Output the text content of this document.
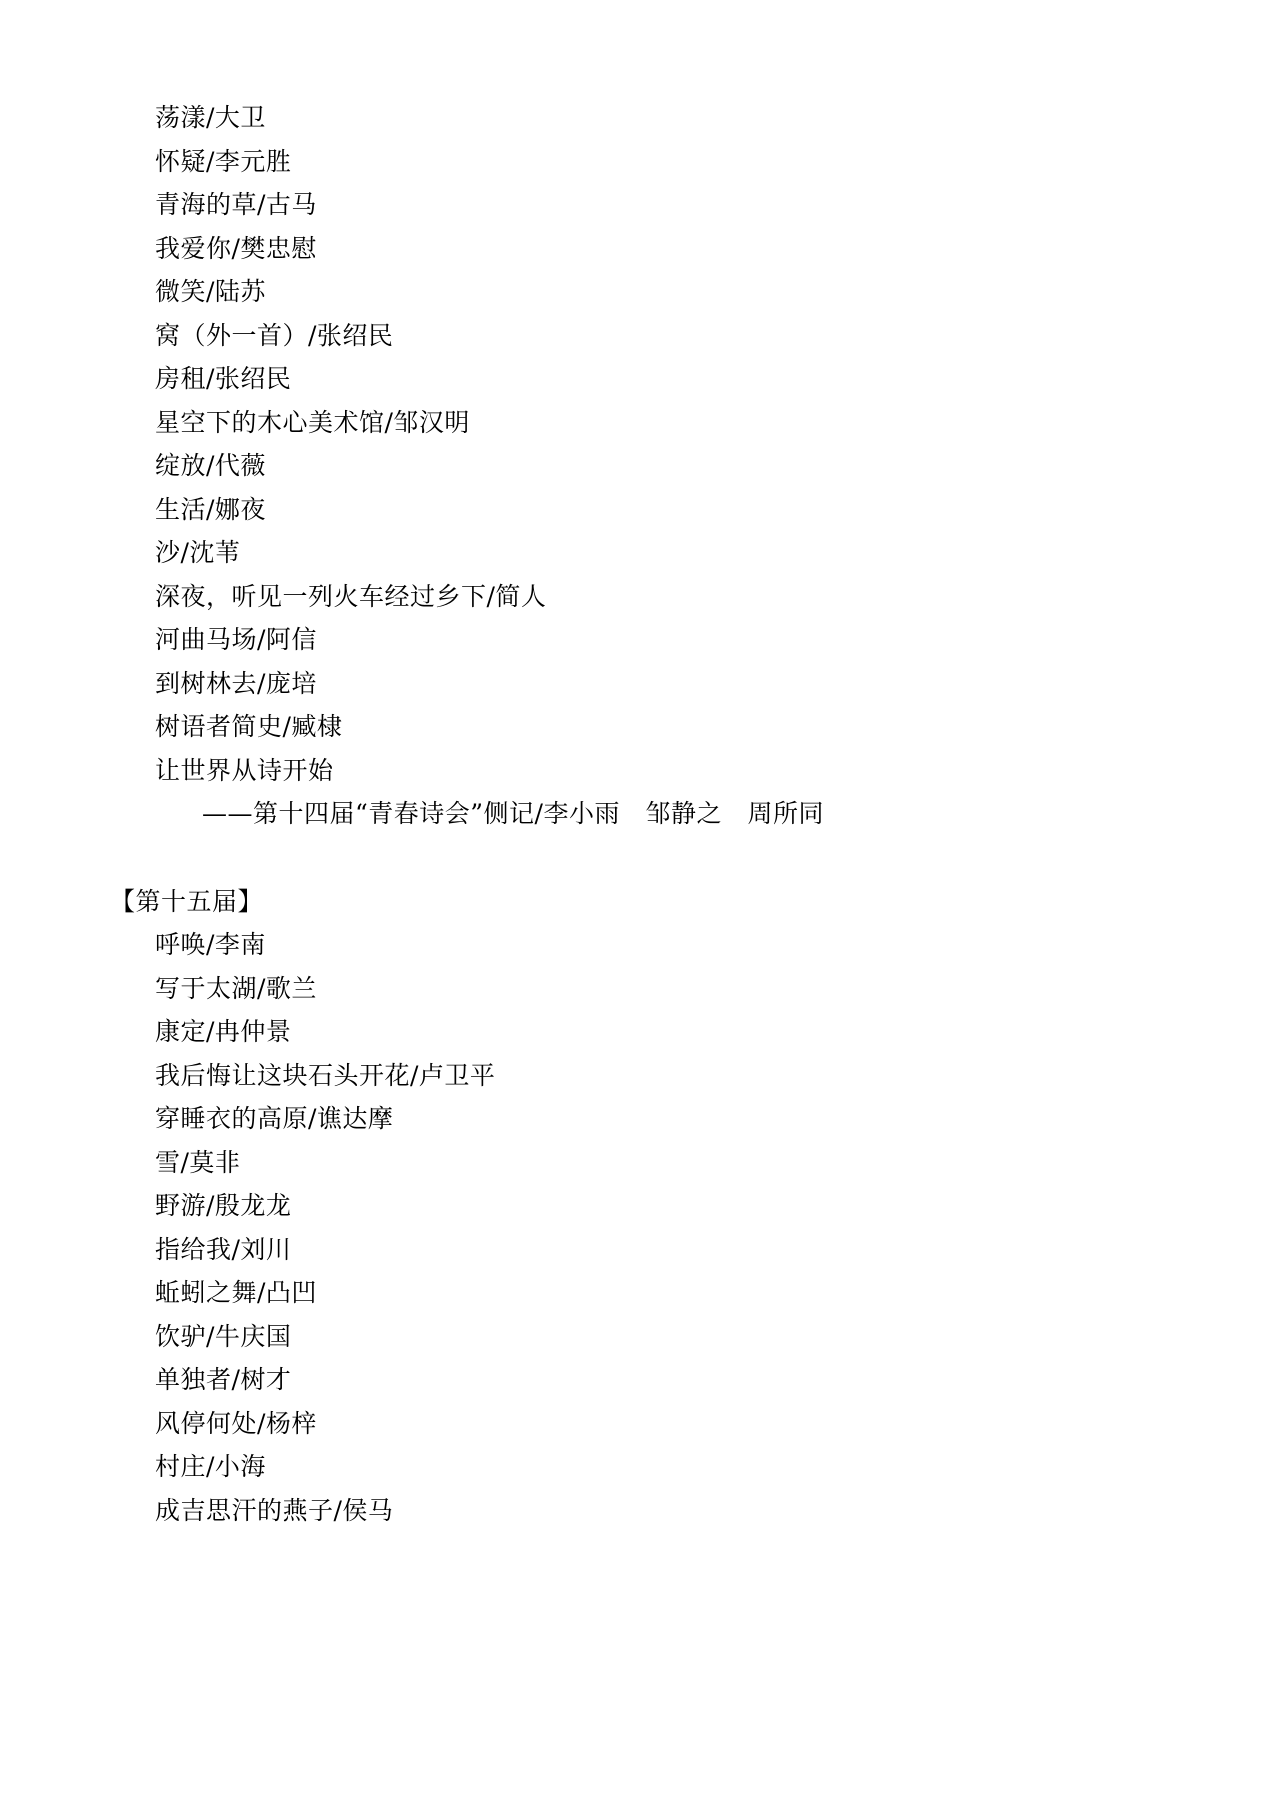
荡漾/大卫
怀疑/李元胜
青海的草/古马
我爱你/樊忠慰
微笑/陆苏
窝（外一首）/张绍民
房租/张绍民
星空下的木心美术馆/邹汉明
绽放/代薇
生活/娜夜
沙/沈苇
深夜，听见一列火车经过乡下/简人
河曲马场/阿信
到树林去/庞培
树语者简史/臧棣
让世界从诗开始
——第十四届“青春诗会”侧记/李小雨　邹静之　周所同
【第十五届】
呼唤/李南
写于太湖/歌兰
康定/冉仲景
我后悔让这块石头开花/卢卫平
穿睡衣的高原/谯达摩
雪/莫非
野游/殷龙龙
指给我/刘川
蚯蚓之舞/凸凹
饮驴/牛庆国
单独者/树才
风停何处/杨梓
村庄/小海
成吉思汗的燕子/侯马
